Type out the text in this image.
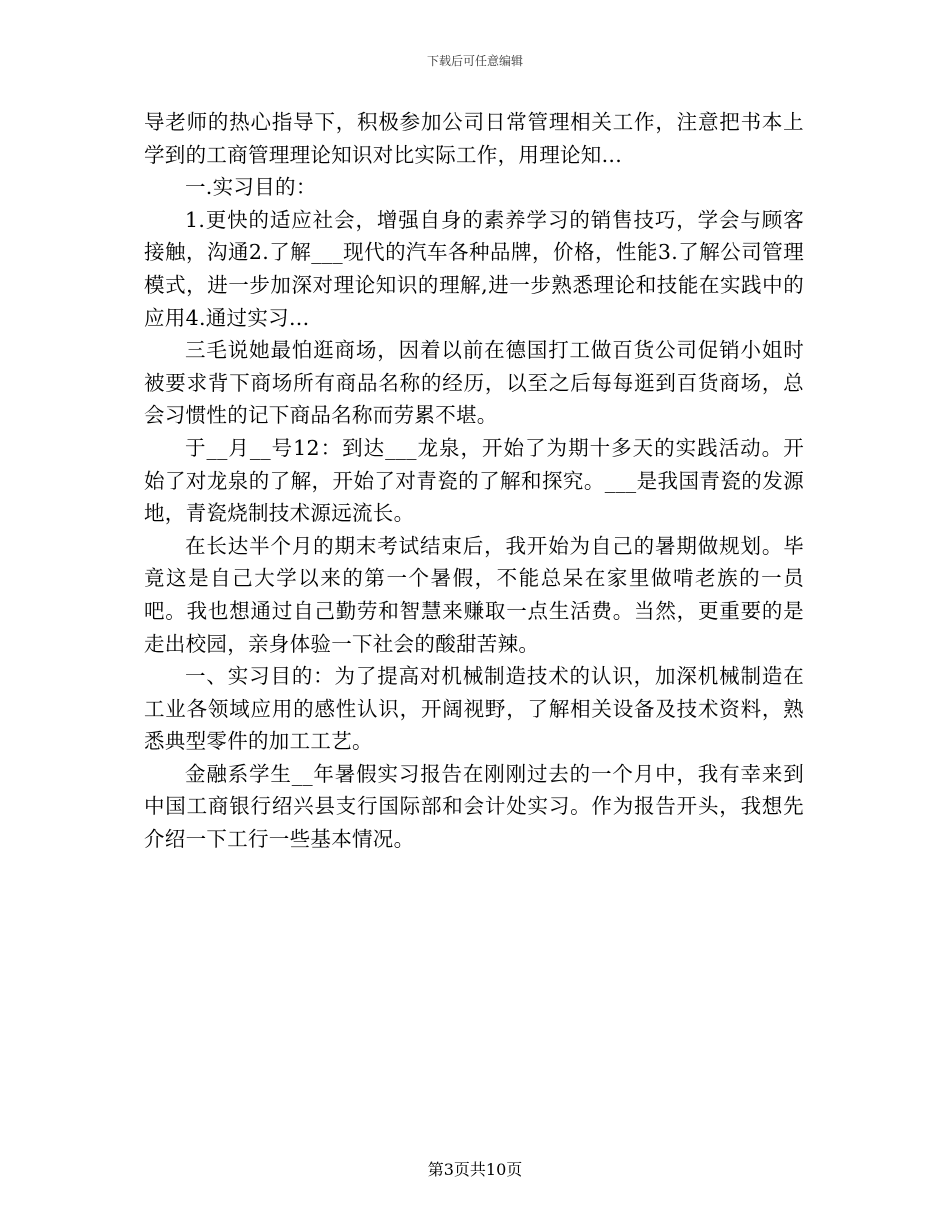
下载后可任意编辑

导老师的热心指导下，积极参加公司日常管理相关工作，注意把书本上学到的工商管理理论知识对比实际工作，用理论知...

一.实习目的：

1.更快的适应社会，增强自身的素养学习的销售技巧，学会与顾客接触，沟通2.了解___现代的汽车各种品牌，价格，性能3.了解公司管理模式，进一步加深对理论知识的理解,进一步熟悉理论和技能在实践中的应用4.通过实习...

三毛说她最怕逛商场，因着以前在德国打工做百货公司促销小姐时被要求背下商场所有商品名称的经历，以至之后每每逛到百货商场，总会习惯性的记下商品名称而劳累不堪。

于__月__号12：到达___龙泉，开始了为期十多天的实践活动。开始了对龙泉的了解，开始了对青瓷的了解和探究。___是我国青瓷的发源地，青瓷烧制技术源远流长。

在长达半个月的期末考试结束后，我开始为自己的暑期做规划。毕竟这是自己大学以来的第一个暑假，不能总呆在家里做啃老族的一员吧。我也想通过自己勤劳和智慧来赚取一点生活费。当然，更重要的是走出校园，亲身体验一下社会的酸甜苦辣。

一、实习目的：为了提高对机械制造技术的认识，加深机械制造在工业各领域应用的感性认识，开阔视野，了解相关设备及技术资料，熟悉典型零件的加工工艺。

金融系学生__年暑假实习报告在刚刚过去的一个月中，我有幸来到中国工商银行绍兴县支行国际部和会计处实习。作为报告开头，我想先介绍一下工行一些基本情况。

第3页共10页
